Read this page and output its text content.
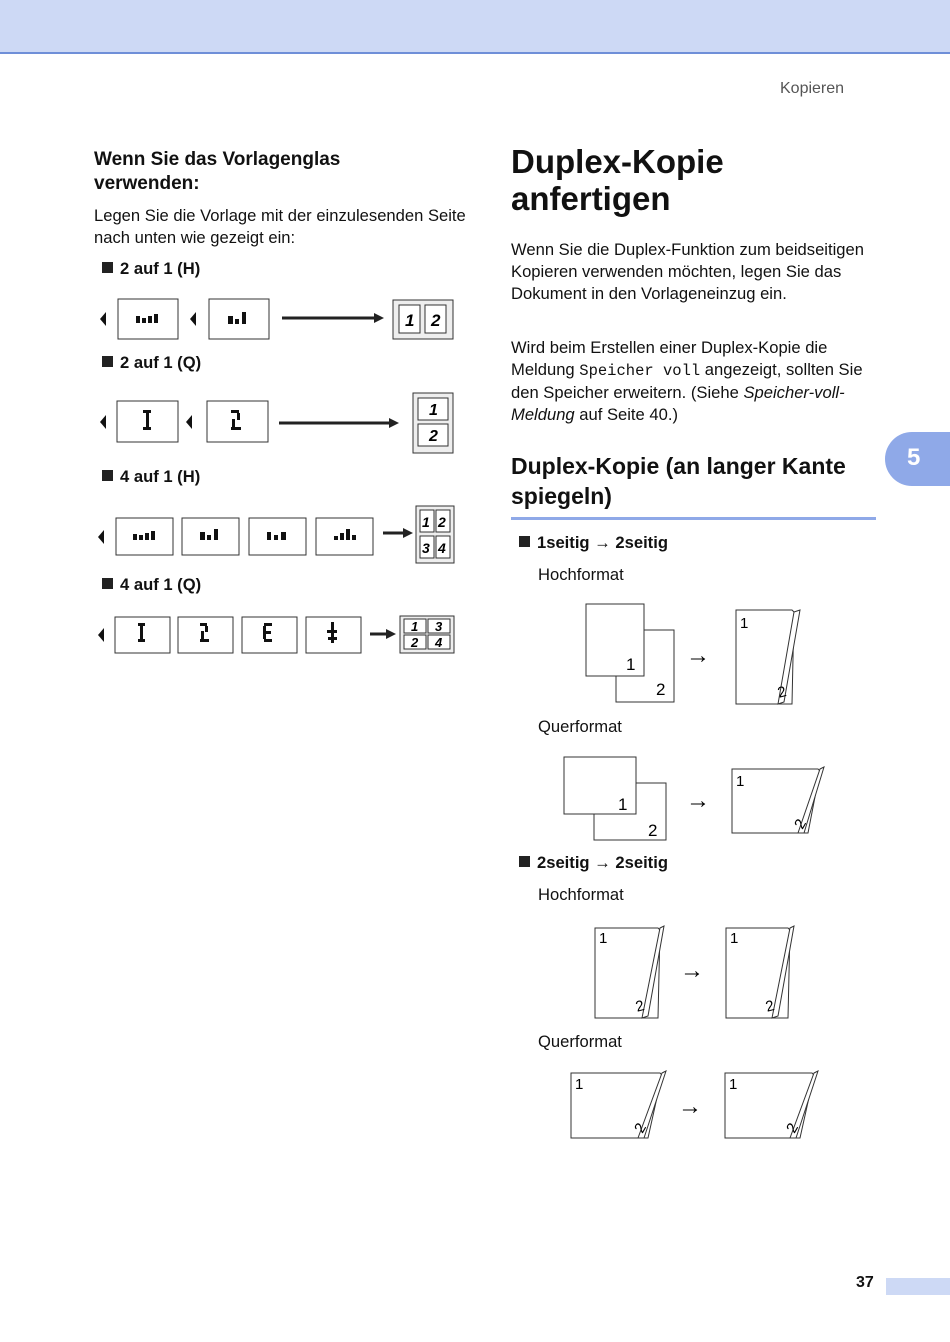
Kopieren
Wenn Sie das Vorlagenglas verwenden:
Legen Sie die Vorlage mit der einzulesenden Seite nach unten wie gezeigt ein:
2 auf 1 (H)
1 2
2 auf 1 (Q)
1
2
4 auf 1 (H)
1 2
3 4
4 auf 1 (Q)
1 3
2 4
Duplex-Kopie anfertigen
Wenn Sie die Duplex-Funktion zum beidseitigen Kopieren verwenden möchten, legen Sie das Dokument in den Vorlageneinzug ein.
Wird beim Erstellen einer Duplex-Kopie die Meldung Speicher voll angezeigt, sollten Sie den Speicher erweitern. (Siehe Speicher-voll-Meldung auf Seite 40.)
Duplex-Kopie (an langer Kante spiegeln)
1seitig → 2seitig
Hochformat
2
1 →
1
2
Querformat
2
1 →
1
2
2seitig → 2seitig
Hochformat
1
2
→
1
2
Querformat
1
2
→
1
2
5
37
